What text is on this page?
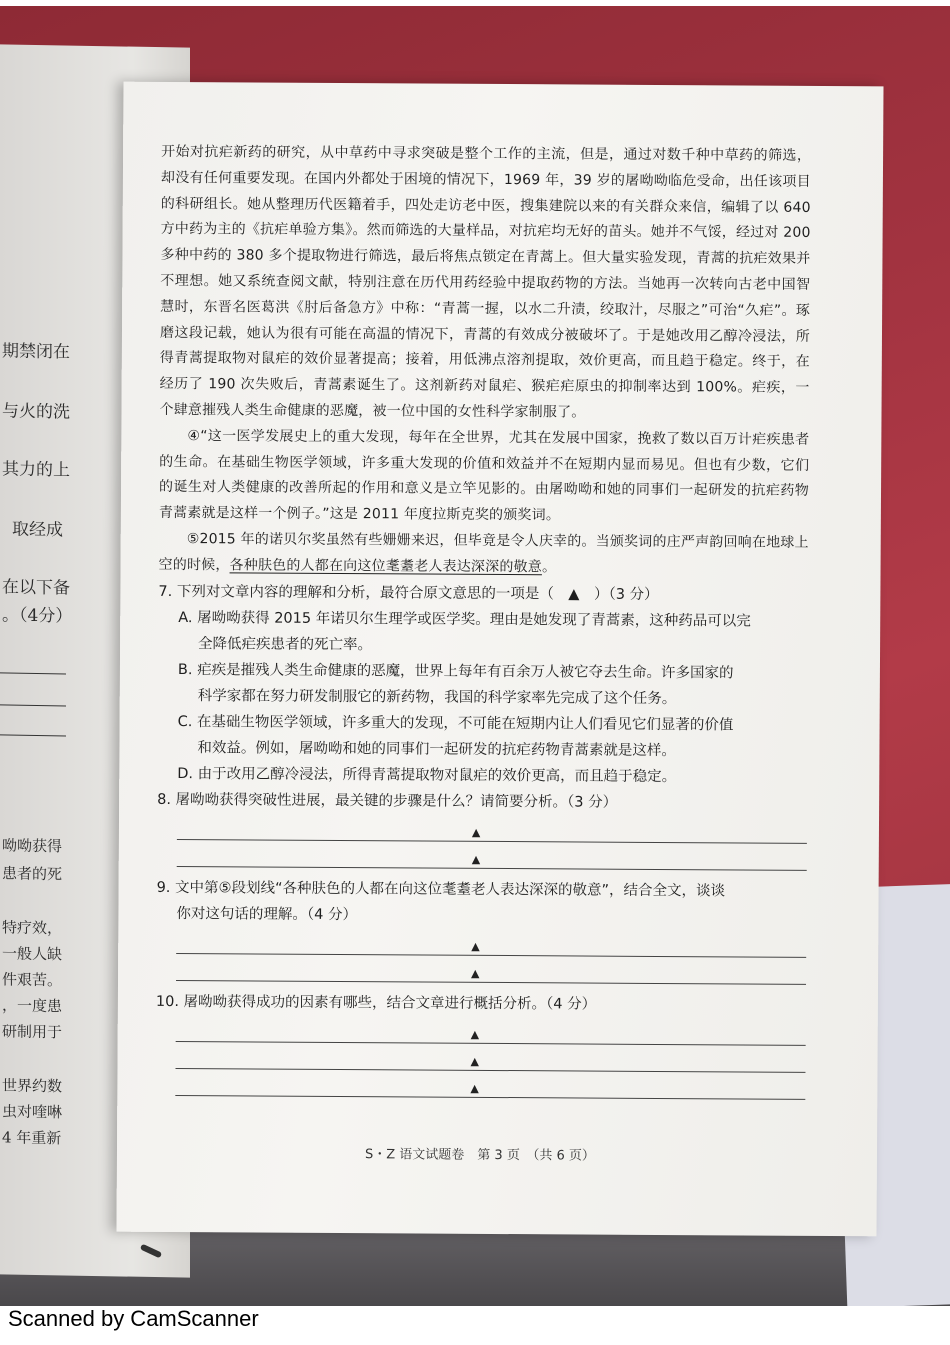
期禁闭在
与火的洗
其力的上
取经成
在以下备
。（4分）
呦呦获得
患者的死
特疗效，
一般人缺
件艰苦。
，一度患
研制用于
世界约数
虫对喹啉
4 年重新

开始对抗疟新药的研究，从中草药中寻求突破是整个工作的主流，但是，通过对数千种中草药的筛选，却没有任何重要发现。在国内外都处于困境的情况下，1969 年，39 岁的屠呦呦临危受命，出任该项目的科研组长。她从整理历代医籍着手，四处走访老中医，搜集建院以来的有关群众来信，编辑了以 640 方中药为主的《抗疟单验方集》。然而筛选的大量样品，对抗疟均无好的苗头。她并不气馁，经过对 200 多种中药的 380 多个提取物进行筛选，最后将焦点锁定在青蒿上。但大量实验发现，青蒿的抗疟效果并不理想。她又系统查阅文献，特别注意在历代用药经验中提取药物的方法。当她再一次转向古老中国智慧时，东晋名医葛洪《肘后备急方》中称：“青蒿一握，以水二升渍，绞取汁，尽服之”可治“久疟”。琢磨这段记载，她认为很有可能在高温的情况下，青蒿的有效成分被破坏了。于是她改用乙醇冷浸法，所得青蒿提取物对鼠疟的效价显著提高；接着，用低沸点溶剂提取，效价更高，而且趋于稳定。终于，在经历了 190 次失败后，青蒿素诞生了。这剂新药对鼠疟、猴疟疟原虫的抑制率达到 100%。疟疾，一个肆意摧残人类生命健康的恶魔，被一位中国的女性科学家制服了。

④“这一医学发展史上的重大发现，每年在全世界，尤其在发展中国家，挽救了数以百万计疟疾患者的生命。在基础生物医学领域，许多重大发现的价值和效益并不在短期内显而易见。但也有少数，它们的诞生对人类健康的改善所起的作用和意义是立竿见影的。由屠呦呦和她的同事们一起研发的抗疟药物青蒿素就是这样一个例子。”这是 2011 年度拉斯克奖的颁奖词。

⑤2015 年的诺贝尔奖虽然有些姗姗来迟，但毕竟是令人庆幸的。当颁奖词的庄严声韵回响在地球上空的时候，各种肤色的人都在向这位耄耋老人表达深深的敬意。

7. 下列对文章内容的理解和分析，最符合原文意思的一项是（　▲　）（3 分）

A. 屠呦呦获得 2015 年诺贝尔生理学或医学奖。理由是她发现了青蒿素，这种药品可以完

全降低疟疾患者的死亡率。

B. 疟疾是摧残人类生命健康的恶魔，世界上每年有百余万人被它夺去生命。许多国家的

科学家都在努力研发制服它的新药物，我国的科学家率先完成了这个任务。

C. 在基础生物医学领域，许多重大的发现，不可能在短期内让人们看见它们显著的价值

和效益。例如，屠呦呦和她的同事们一起研发的抗疟药物青蒿素就是这样。

D. 由于改用乙醇冷浸法，所得青蒿提取物对鼠疟的效价更高，而且趋于稳定。

8. 屠呦呦获得突破性进展，最关键的步骤是什么？请简要分析。（3 分）

▲
▲

9. 文中第⑤段划线“各种肤色的人都在向这位耄耋老人表达深深的敬意”，结合全文，谈谈

你对这句话的理解。（4 分）

▲
▲

10. 屠呦呦获得成功的因素有哪些，结合文章进行概括分析。（4 分）

▲
▲
▲
S・Z 语文试题卷　第 3 页　（共 6 页）
Scanned by CamScanner
